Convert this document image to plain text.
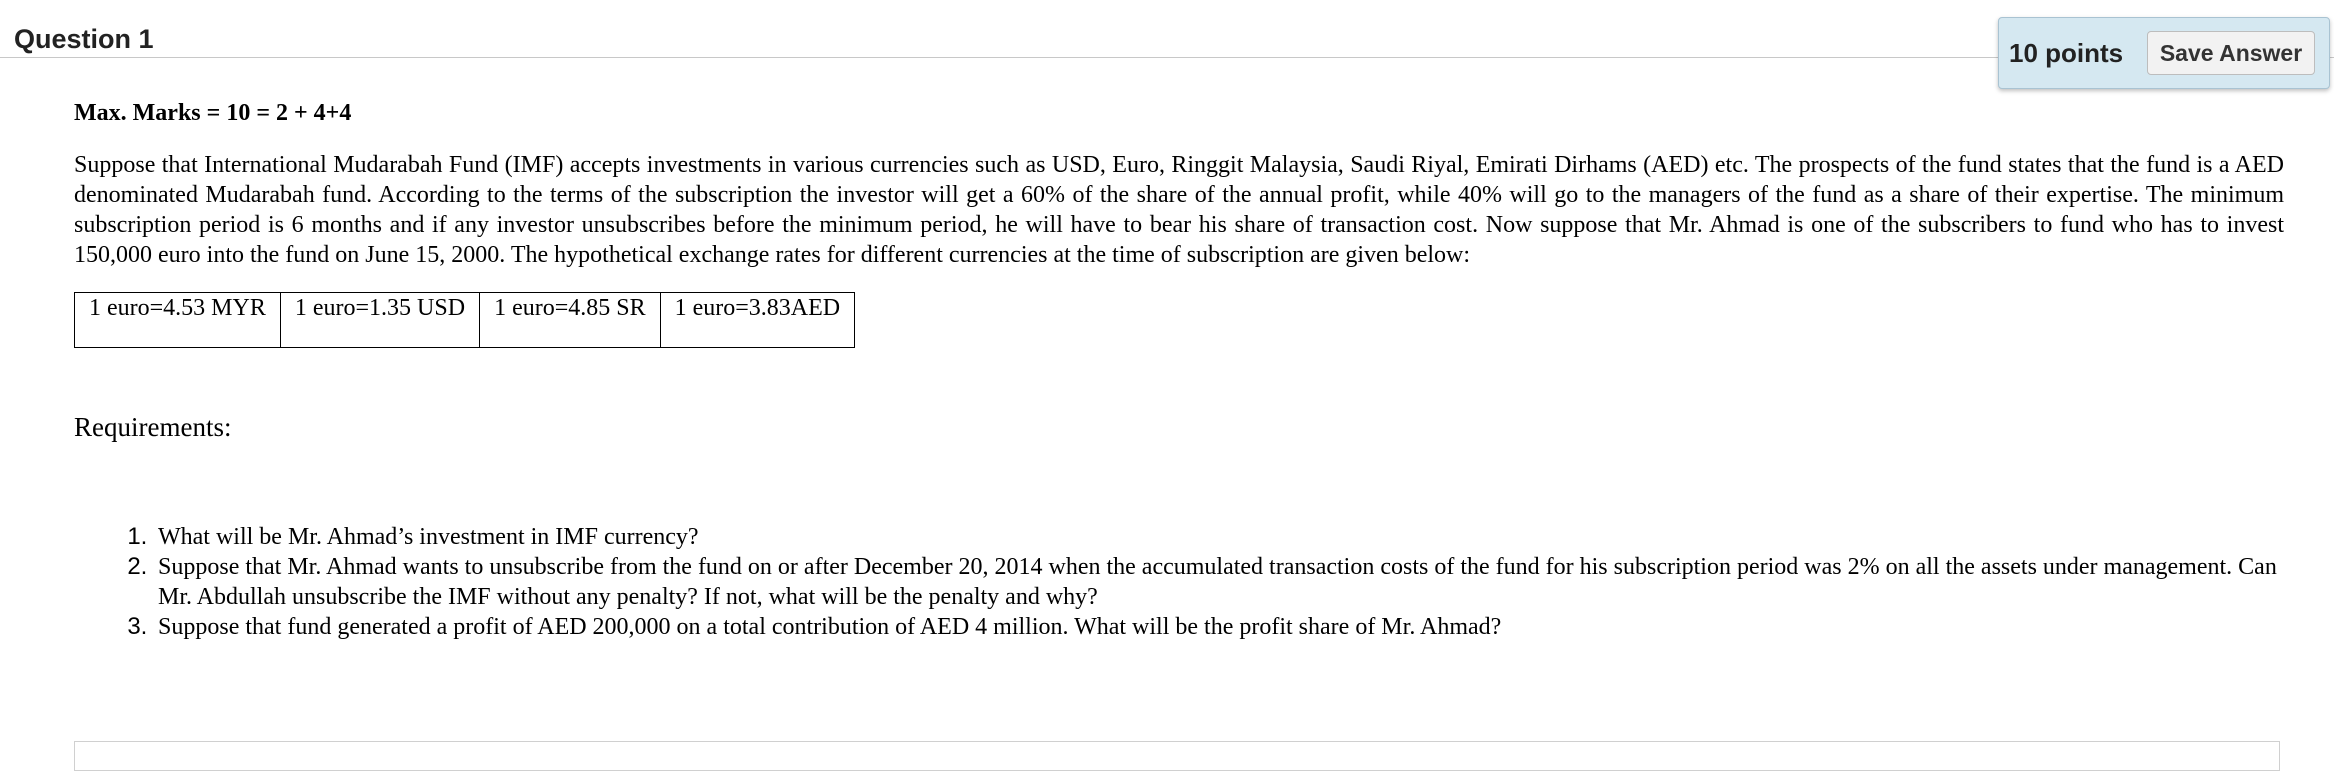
Question 1	10 points	Save Answer

Max. Marks = 10 = 2 + 4+4

Suppose that International Mudarabah Fund (IMF) accepts investments in various currencies such as USD, Euro, Ringgit Malaysia, Saudi Riyal, Emirati Dirhams (AED) etc. The prospects of the fund states that the fund is a AED denominated Mudarabah fund. According to the terms of the subscription the investor will get a 60% of the share of the annual profit, while 40% will go to the managers of the fund as a share of their expertise. The minimum subscription period is 6 months and if any investor unsubscribes before the minimum period, he will have to bear his share of transaction cost. Now suppose that Mr. Ahmad is one of the subscribers to fund who has to invest 150,000 euro into the fund on June 15, 2000. The hypothetical exchange rates for different currencies at the time of subscription are given below:

1 euro=4.53 MYR	1 euro=1.35 USD	1 euro=4.85 SR	1 euro=3.83AED

Requirements:

1. What will be Mr. Ahmad’s investment in IMF currency?
2. Suppose that Mr. Ahmad wants to unsubscribe from the fund on or after December 20, 2014 when the accumulated transaction costs of the fund for his subscription period was 2% on all the assets under management. Can Mr. Abdullah unsubscribe the IMF without any penalty? If not, what will be the penalty and why?
3. Suppose that fund generated a profit of AED 200,000 on a total contribution of AED 4 million. What will be the profit share of Mr. Ahmad?
